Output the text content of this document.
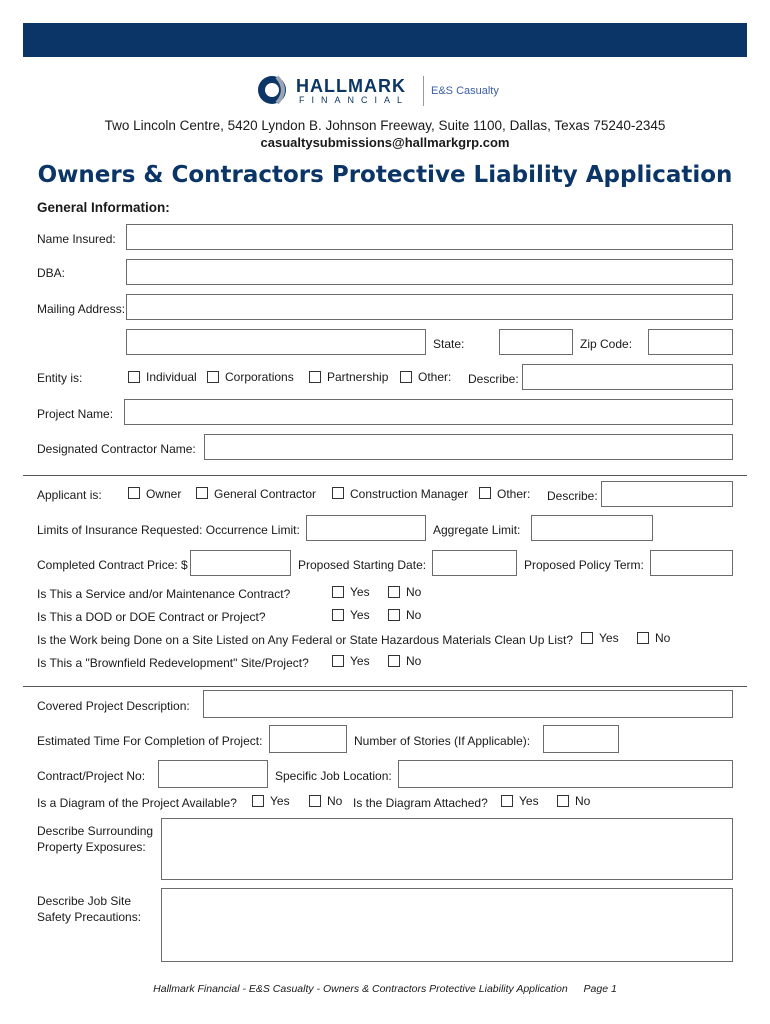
HALLMARK
FINANCIAL
E&S Casualty
Two Lincoln Centre, 5420 Lyndon B. Johnson Freeway, Suite 1100, Dallas, Texas 75240-2345
casualtysubmissions@hallmarkgrp.com
Owners & Contractors Protective Liability Application
General Information:
Name Insured:
DBA:
Mailing Address:
State:	Zip Code:
Entity is:	Individual Corporations	Partnership Other: Describe:
Project Name:
Designated Contractor Name:
Applicant is:	Owner	General Contractor	Construction Manager Other: Describe:
Limits of Insurance Requested: Occurrence Limit:	Aggregate Limit:
Completed Contract Price: $	Proposed Starting Date:	Proposed Policy Term:
Is This a Service and/or Maintenance Contract?	Yes	No
Is This a DOD or DOE Contract or Project?	Yes	No
Is the Work being Done on a Site Listed on Any Federal or State Hazardous Materials Clean Up List? Yes	No
Is This a "Brownfield Redevelopment" Site/Project?	Yes	No
Covered Project Description:
Estimated Time For Completion of Project:	Number of Stories (If Applicable):
Contract/Project No:	Specific Job Location:
Is a Diagram of the Project Available?	Yes	No Is the Diagram Attached?	Yes	No
Describe Surrounding
Property Exposures:
Describe Job Site
Safety Precautions:
Hallmark Financial - E&S Casualty - Owners & Contractors Protective Liability Application Page 1
